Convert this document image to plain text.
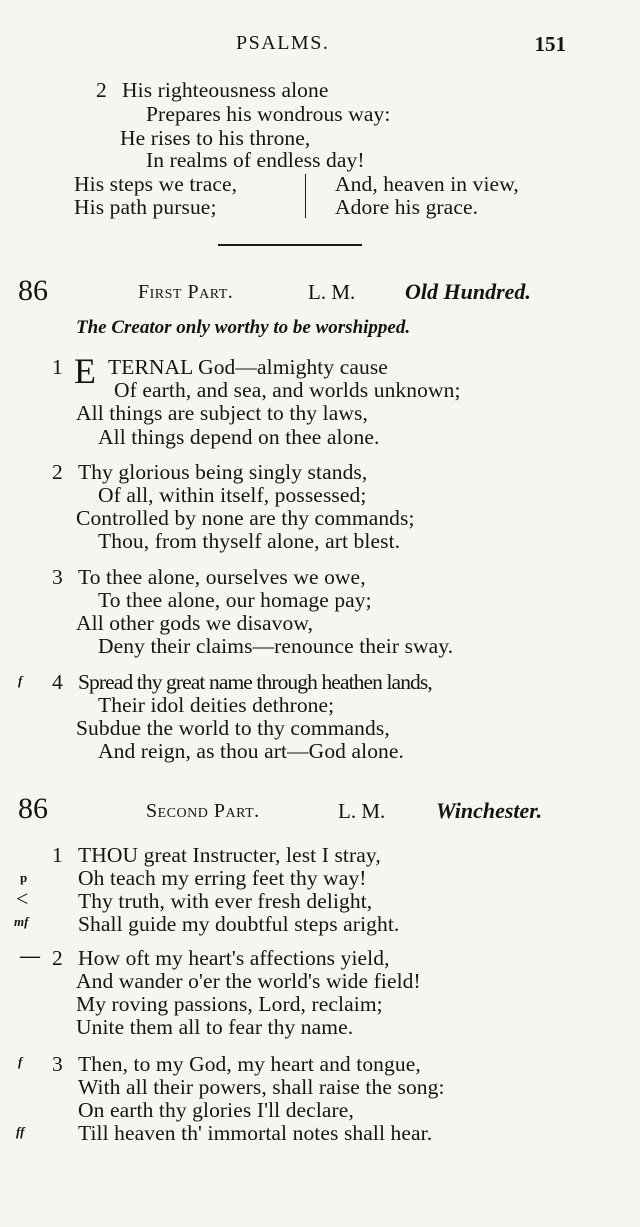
PSALMS.	151
2 His righteousness alone
Prepares his wondrous way:
He rises to his throne,
In realms of endless day!
His steps we trace,
His path pursue;
And, heaven in view,
Adore his grace.
86	First Part.	L. M. Old Hundred.
The Creator only worthy to be worshipped.
1 E TERNAL God—almighty cause
Of earth, and sea, and worlds unknown;
All things are subject to thy laws,
All things depend on thee alone.
2 Thy glorious being singly stands,
Of all, within itself, possessed;
Controlled by none are thy commands;
Thou, from thyself alone, art blest.
3 To thee alone, ourselves we owe,
To thee alone, our homage pay;
All other gods we disavow,
Deny their claims—renounce their sway.
f 4 Spread thy great name through heathen lands,
Their idol deities dethrone;
Subdue the world to thy commands,
And reign, as thou art—God alone.
86	Second Part.	L. M. Winchester.
1 THOU great Instructer, lest I stray,
p Oh teach my erring feet thy way!
< Thy truth, with ever fresh delight,
mf Shall guide my doubtful steps aright.
— 2 How oft my heart's affections yield,
And wander o'er the world's wide field!
My roving passions, Lord, reclaim;
Unite them all to fear thy name.
f 3 Then, to my God, my heart and tongue,
With all their powers, shall raise the song:
On earth thy glories I'll declare,
ff Till heaven th' immortal notes shall hear.
